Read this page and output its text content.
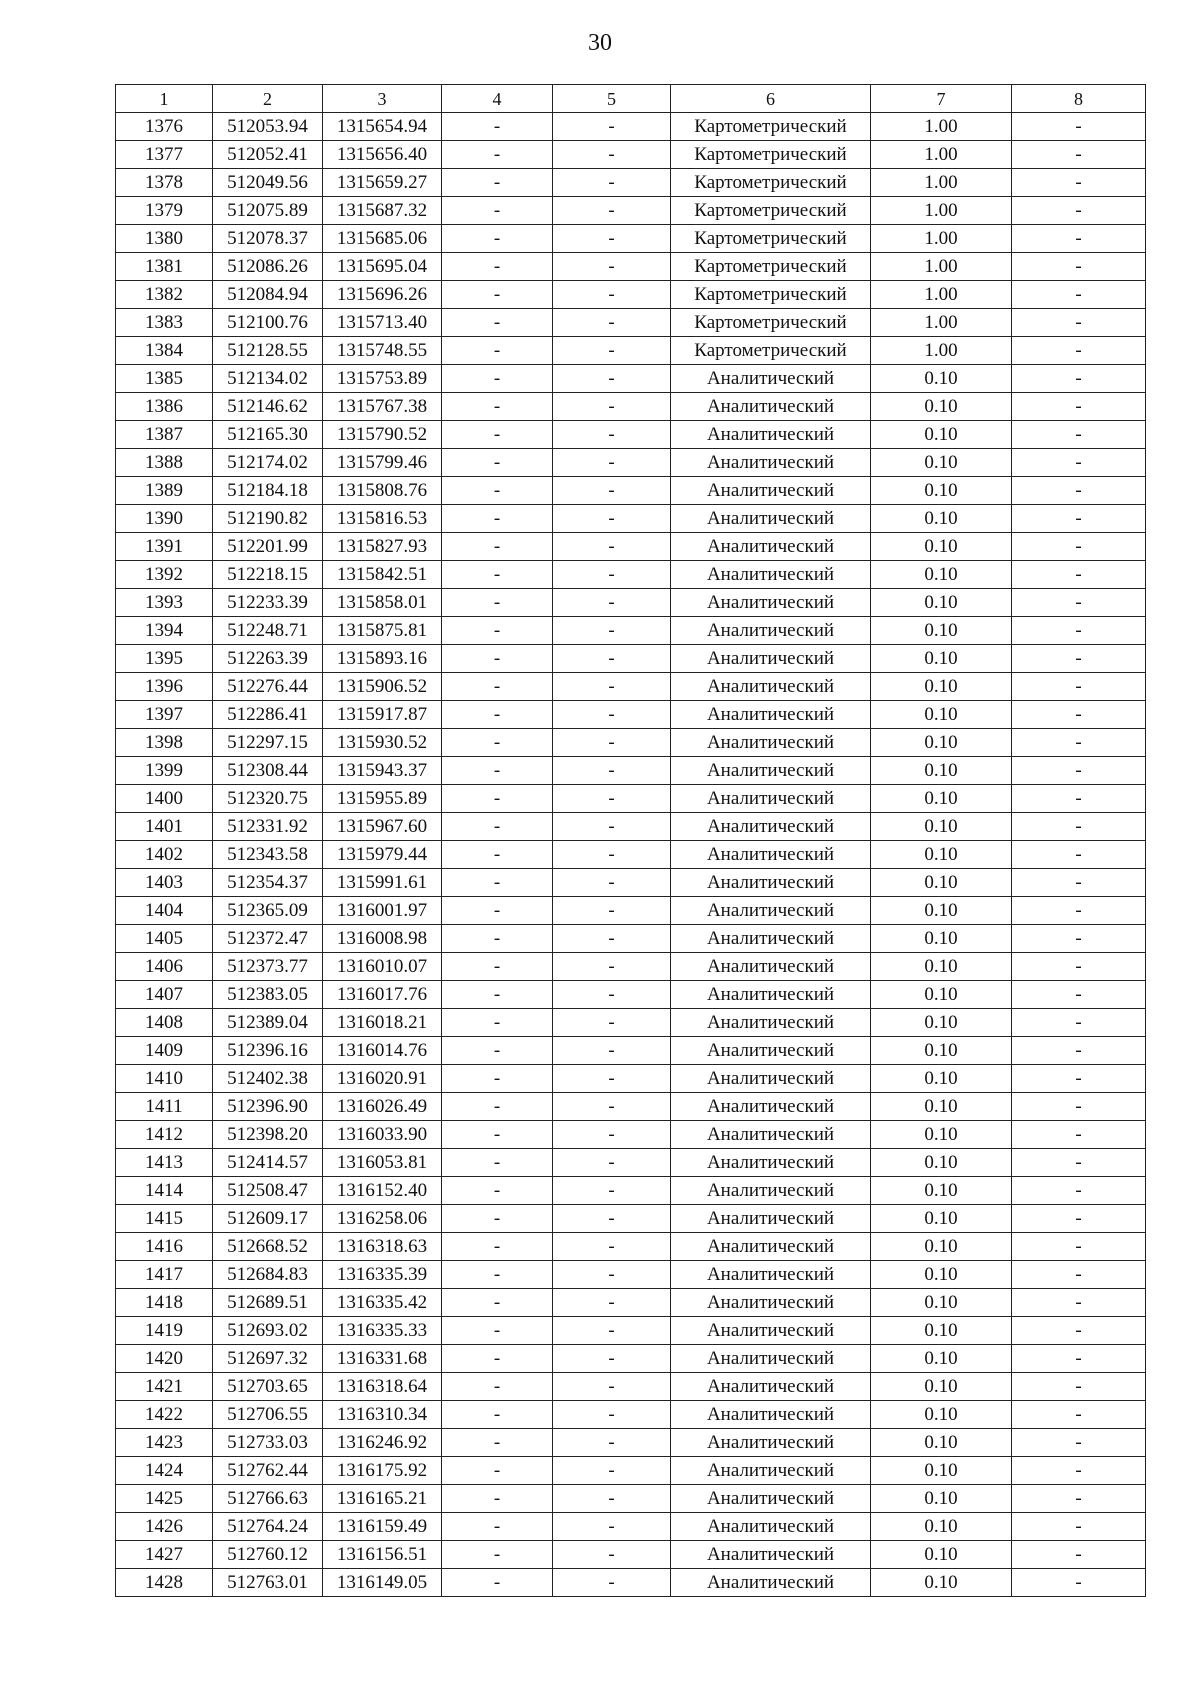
30
1	2	3	4	5	6	7	8
1376	512053.94	1315654.94	-	-	Картометрический	1.00	-
1377	512052.41	1315656.40	-	-	Картометрический	1.00	-
1378	512049.56	1315659.27	-	-	Картометрический	1.00	-
1379	512075.89	1315687.32	-	-	Картометрический	1.00	-
1380	512078.37	1315685.06	-	-	Картометрический	1.00	-
1381	512086.26	1315695.04	-	-	Картометрический	1.00	-
1382	512084.94	1315696.26	-	-	Картометрический	1.00	-
1383	512100.76	1315713.40	-	-	Картометрический	1.00	-
1384	512128.55	1315748.55	-	-	Картометрический	1.00	-
1385	512134.02	1315753.89	-	-	Аналитический	0.10	-
1386	512146.62	1315767.38	-	-	Аналитический	0.10	-
1387	512165.30	1315790.52	-	-	Аналитический	0.10	-
1388	512174.02	1315799.46	-	-	Аналитический	0.10	-
1389	512184.18	1315808.76	-	-	Аналитический	0.10	-
1390	512190.82	1315816.53	-	-	Аналитический	0.10	-
1391	512201.99	1315827.93	-	-	Аналитический	0.10	-
1392	512218.15	1315842.51	-	-	Аналитический	0.10	-
1393	512233.39	1315858.01	-	-	Аналитический	0.10	-
1394	512248.71	1315875.81	-	-	Аналитический	0.10	-
1395	512263.39	1315893.16	-	-	Аналитический	0.10	-
1396	512276.44	1315906.52	-	-	Аналитический	0.10	-
1397	512286.41	1315917.87	-	-	Аналитический	0.10	-
1398	512297.15	1315930.52	-	-	Аналитический	0.10	-
1399	512308.44	1315943.37	-	-	Аналитический	0.10	-
1400	512320.75	1315955.89	-	-	Аналитический	0.10	-
1401	512331.92	1315967.60	-	-	Аналитический	0.10	-
1402	512343.58	1315979.44	-	-	Аналитический	0.10	-
1403	512354.37	1315991.61	-	-	Аналитический	0.10	-
1404	512365.09	1316001.97	-	-	Аналитический	0.10	-
1405	512372.47	1316008.98	-	-	Аналитический	0.10	-
1406	512373.77	1316010.07	-	-	Аналитический	0.10	-
1407	512383.05	1316017.76	-	-	Аналитический	0.10	-
1408	512389.04	1316018.21	-	-	Аналитический	0.10	-
1409	512396.16	1316014.76	-	-	Аналитический	0.10	-
1410	512402.38	1316020.91	-	-	Аналитический	0.10	-
1411	512396.90	1316026.49	-	-	Аналитический	0.10	-
1412	512398.20	1316033.90	-	-	Аналитический	0.10	-
1413	512414.57	1316053.81	-	-	Аналитический	0.10	-
1414	512508.47	1316152.40	-	-	Аналитический	0.10	-
1415	512609.17	1316258.06	-	-	Аналитический	0.10	-
1416	512668.52	1316318.63	-	-	Аналитический	0.10	-
1417	512684.83	1316335.39	-	-	Аналитический	0.10	-
1418	512689.51	1316335.42	-	-	Аналитический	0.10	-
1419	512693.02	1316335.33	-	-	Аналитический	0.10	-
1420	512697.32	1316331.68	-	-	Аналитический	0.10	-
1421	512703.65	1316318.64	-	-	Аналитический	0.10	-
1422	512706.55	1316310.34	-	-	Аналитический	0.10	-
1423	512733.03	1316246.92	-	-	Аналитический	0.10	-
1424	512762.44	1316175.92	-	-	Аналитический	0.10	-
1425	512766.63	1316165.21	-	-	Аналитический	0.10	-
1426	512764.24	1316159.49	-	-	Аналитический	0.10	-
1427	512760.12	1316156.51	-	-	Аналитический	0.10	-
1428	512763.01	1316149.05	-	-	Аналитический	0.10	-
